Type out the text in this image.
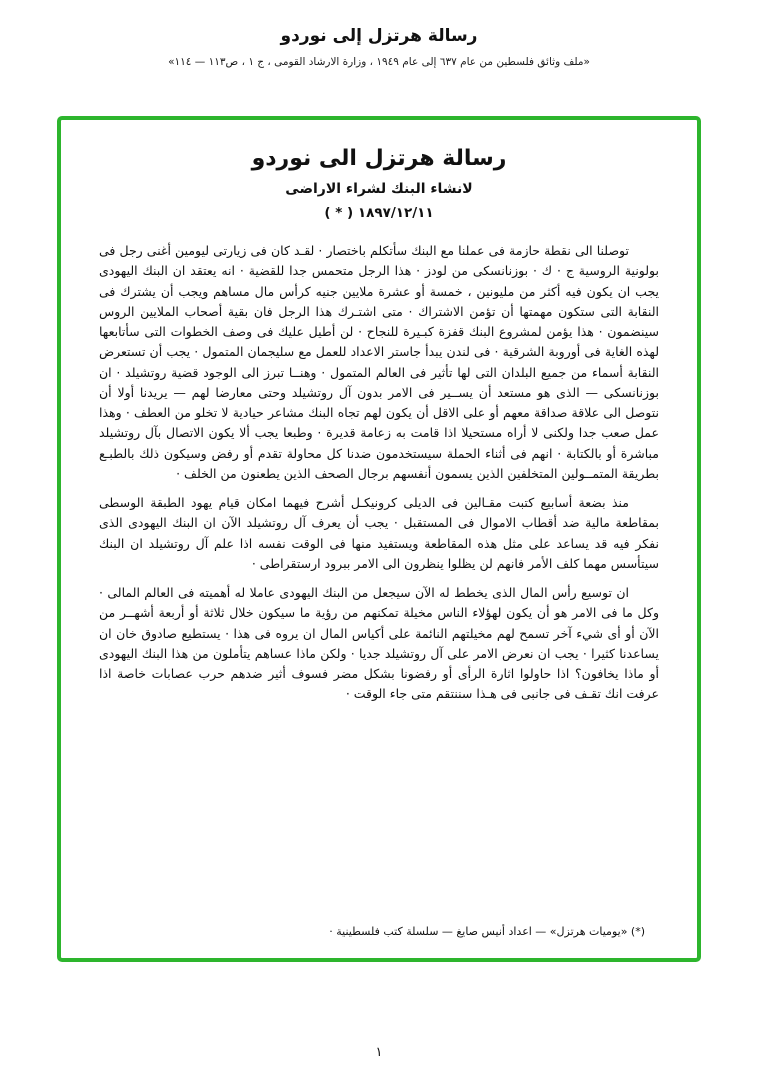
رسالة هرتزل إلى نوردو
«ملف وثائق فلسطين من عام ٦٣٧ إلى عام ١٩٤٩ ، وزارة الارشاد القومى ، ج ١ ، ص١١٣ — ١١٤»
رسالة هرتزل الى نوردو
لانشاء البنك لشراء الاراضى
١٨٩٧/١٢/١١ ( * )

توصلنا الى نقطة حازمة فى عملنا مع البنك سأتكلم باختصار · لقـد كان فى زيارتى ليومين أغنى رجل فى بولونية الروسية ج · ك · بوزنانسكى من لودز · هذا الرجل متحمس جدا للقضية · انه يعتقد ان البنك اليهودى يجب ان يكون فيه أكثر من مليونين ، خمسة أو عشرة ملايين جنيه كرأس مال مساهم ويجب أن يشترك فى النقابة التى ستكون مهمتها أن تؤمن الاشتراك · متى اشتـرك هذا الرجل فان بقية أصحاب الملايين الروس سينضمون · هذا يؤمن لمشروع البنك قفزة كبـيرة للنجاح · لن أطيل عليك فى وصف الخطوات التى سأتابعها لهذه الغاية فى أوروبة الشرقية · فى لندن يبدأ جاستر الاعداد للعمل مع سليجمان المتمول · يجب أن تستعرض النقابة أسماء من جميع البلدان التى لها تأثير فى العالم المتمول · وهنــا تبرز الى الوجود قضية روتشيلد · ان بوزنانسكى — الذى هو مستعد أن يســير فى الامر بدون آل روتشيلد وحتى معارضا لهم — يريدنا أولا أن نتوصل الى علاقة صداقة معهم أو على الاقل أن يكون لهم تجاه البنك مشاعر حيادية لا تخلو من العطف · وهذا عمل صعب جدا ولكنى لا أراه مستحيلا اذا قامت به زعامة قديرة · وطبعا يجب ألا يكون الاتصال بآل روتشيلد مباشرة أو بالكتابة · انهم فى أثناء الحملة سيستخدمون ضدنا كل محاولة تقدم أو رفض وسيكون ذلك بالطبـع بطريقة المتمــولين المتخلفين الذين يسمون أنفسهم برجال الصحف الذين يطعنون من الخلف ·

منذ بضعة أسابيع كتبت مقـالين فى الديلى كرونيكـل أشرح فيهما امكان قيام يهود الطبقة الوسطى بمقاطعة مالية ضد أقطاب الاموال فى المستقبل · يجب أن يعرف آل روتشيلد الآن ان البنك اليهودى الذى نفكر فيه قد يساعد على مثل هذه المقاطعة ويستفيد منها فى الوقت نفسه اذا علم آل روتشيلد ان البنك سيتأسس مهما كلف الأمر فانهم لن يظلوا ينظرون الى الامر ببرود ارستقراطى ·

ان توسيع رأس المال الذى يخطط له الآن سيجعل من البنك اليهودى عاملا له أهميته فى العالم المالى · وكل ما فى الامر هو أن يكون لهؤلاء الناس مخيلة تمكنهم من رؤية ما سيكون خلال ثلاثة أو أربعة أشهــر من الآن أو أى شيء آخر تسمح لهم مخيلتهم النائمة على أكياس المال ان يروه فى هذا · يستطيع صادوق خان ان يساعدنا كثيرا · يجب ان نعرض الامر على آل روتشيلد جديا · ولكن ماذا عساهم يتأملون من هذا البنك اليهودى أو ماذا يخافون؟ اذا حاولوا اثارة الرأى أو رفضونا بشكل مضر فسوف أثير ضدهم حرب عصابات خاصة اذا عرفت انك تقـف فى جانبى فى هـذا سننتقم متى جاء الوقت ·

(*) «يوميات هرتزل» — اعداد أنيس صايغ — سلسلة كتب فلسطينية ·
١
